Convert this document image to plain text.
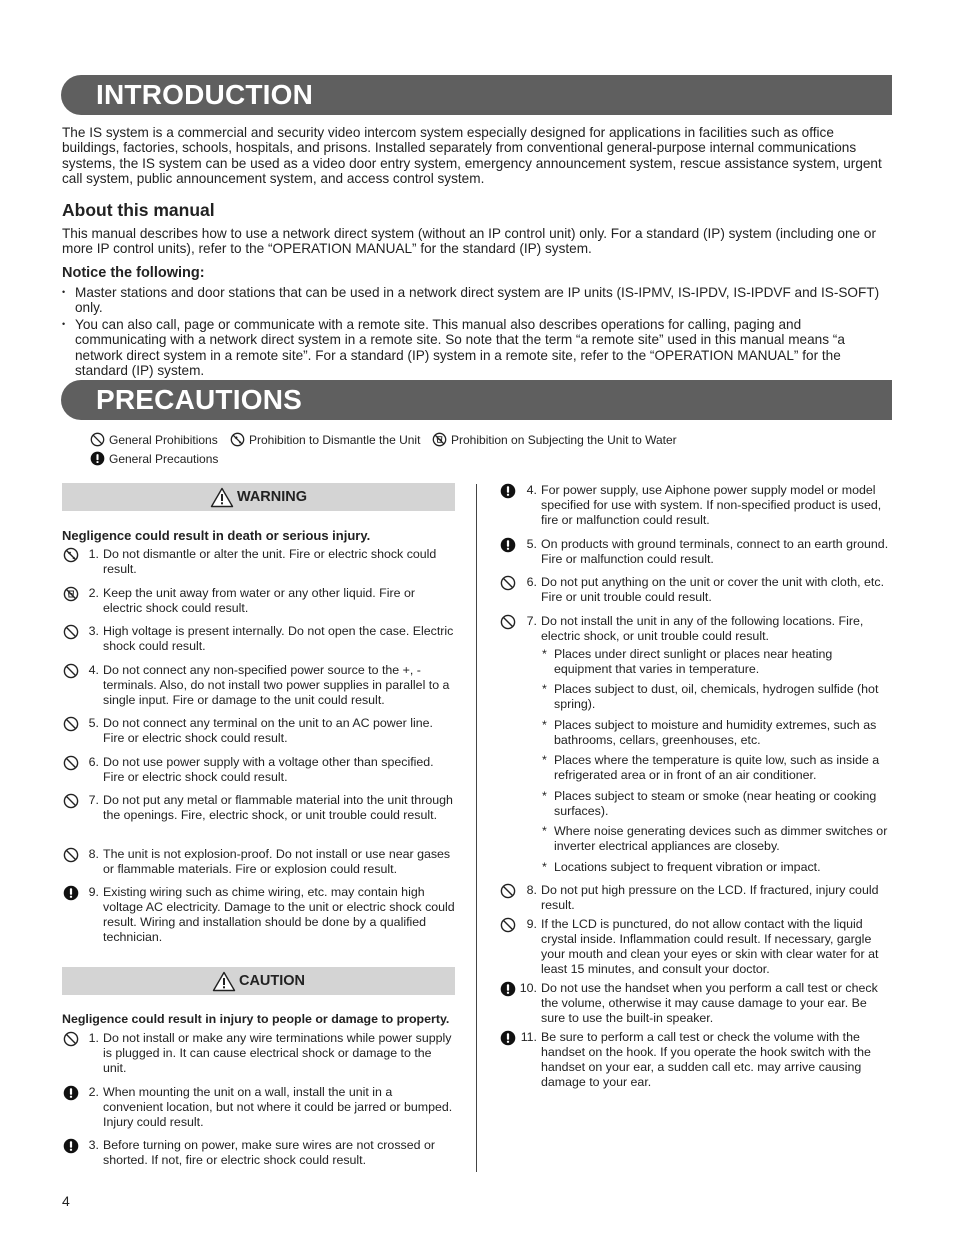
INTRODUCTION

The IS system is a commercial and security video intercom system especially designed for applications in facilities such as office buildings, factories, schools, hospitals, and prisons. Installed separately from conventional general-purpose internal communications systems, the IS system can be used as a video door entry system, emergency announcement system, rescue assistance system, urgent call system, public announcement system, and access control system.

About this manual

This manual describes how to use a network direct system (without an IP control unit) only. For a standard (IP) system (including one or more IP control units), refer to the “OPERATION MANUAL” for the standard (IP) system.

Notice the following:
• Master stations and door stations that can be used in a network direct system are IP units (IS-IPMV, IS-IPDV, IS-IPDVF and IS-SOFT) only.
• You can also call, page or communicate with a remote site. This manual also describes operations for calling, paging and communicating with a network direct system in a remote site. So note that the term “a remote site” used in this manual means “a network direct system in a remote site”. For a standard (IP) system in a remote site, refer to the “OPERATION MANUAL” for the standard (IP) system.
PRECAUTIONS
General Prohibitions	Prohibition to Dismantle the Unit	Prohibition on Subjecting the Unit to Water
General Precautions
WARNING
Negligence could result in death or serious injury.
1. Do not dismantle or alter the unit. Fire or electric shock could result.
2. Keep the unit away from water or any other liquid. Fire or electric shock could result.
3. High voltage is present internally. Do not open the case. Electric shock could result.
4. Do not connect any non-specified power source to the +, - terminals. Also, do not install two power supplies in parallel to a single input. Fire or damage to the unit could result.
5. Do not connect any terminal on the unit to an AC power line. Fire or electric shock could result.
6. Do not use power supply with a voltage other than specified. Fire or electric shock could result.
7. Do not put any metal or flammable material into the unit through the openings. Fire, electric shock, or unit trouble could result.
8. The unit is not explosion-proof. Do not install or use near gases or flammable materials. Fire or explosion could result.
9. Existing wiring such as chime wiring, etc. may contain high voltage AC electricity. Damage to the unit or electric shock could result. Wiring and installation should be done by a qualified technician.
CAUTION
Negligence could result in injury to people or damage to property.
1. Do not install or make any wire terminations while power supply is plugged in. It can cause electrical shock or damage to the unit.
2. When mounting the unit on a wall, install the unit in a convenient location, but not where it could be jarred or bumped. Injury could result.
3. Before turning on power, make sure wires are not crossed or shorted. If not, fire or electric shock could result.
4. For power supply, use Aiphone power supply model or model specified for use with system. If non-specified product is used, fire or malfunction could result.
5. On products with ground terminals, connect to an earth ground. Fire or malfunction could result.
6. Do not put anything on the unit or cover the unit with cloth, etc. Fire or unit trouble could result.
7. Do not install the unit in any of the following locations. Fire, electric shock, or unit trouble could result.
8. Do not put high pressure on the LCD. If fractured, injury could result.
9. If the LCD is punctured, do not allow contact with the liquid crystal inside. Inflammation could result. If necessary, gargle your mouth and clean your eyes or skin with clear water for at least 15 minutes, and consult your doctor.
10. Do not use the handset when you perform a call test or check the volume, otherwise it may cause damage to your ear. Be sure to use the built-in speaker.
11. Be sure to perform a call test or check the volume with the handset on the hook. If you operate the hook switch with the handset on your ear, a sudden call etc. may arrive causing damage to your ear.
* Places under direct sunlight or places near heating equipment that varies in temperature.
* Places subject to dust, oil, chemicals, hydrogen sulfide (hot spring).
* Places subject to moisture and humidity extremes, such as bathrooms, cellars, greenhouses, etc.
* Places where the temperature is quite low, such as inside a refrigerated area or in front of an air conditioner.
* Places subject to steam or smoke (near heating or cooking surfaces).
* Where noise generating devices such as dimmer switches or inverter electrical appliances are closeby.
* Locations subject to frequent vibration or impact.
4
